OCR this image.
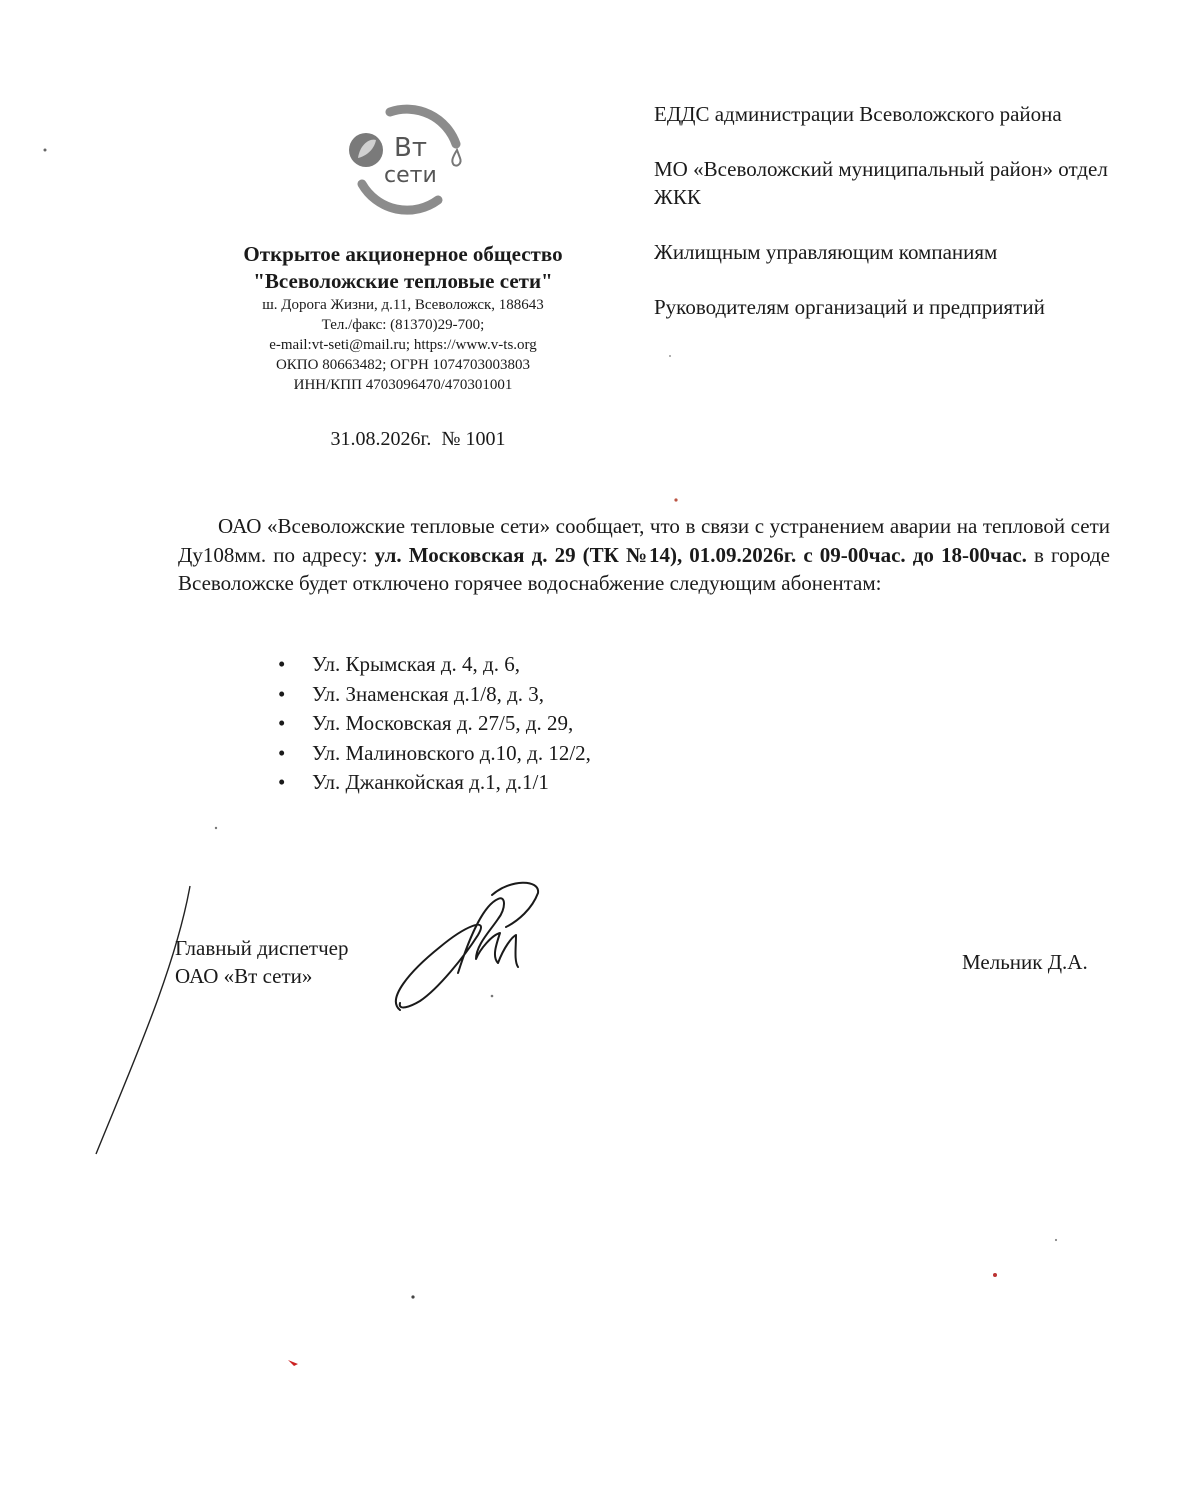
Вт
сети
Открытое акционерное общество
"Всеволожские тепловые сети"
ш. Дорога Жизни, д.11, Всеволожск, 188643
Тел./факс: (81370)29-700;
e-mail:vt-seti@mail.ru; https://www.v-ts.org
ОКПО 80663482; ОГРН 1074703003803
ИНН/КПП 4703096470/470301001
31.08.2026г. № 1001

ЕДДС администрации Всеволожского района

МО «Всеволожский муниципальный район» отдел ЖКК

Жилищным управляющим компаниям

Руководителям организаций и предприятий

ОАО «Всеволожские тепловые сети» сообщает, что в связи с устранением аварии на тепловой сети Ду108мм. по адресу: ул. Московская д. 29 (ТК №14), 01.09.2026г. с 09-00час. до 18-00час. в городе Всеволожске будет отключено горячее водоснабжение следующим абонентам:
• Ул. Крымская д. 4, д. 6,
• Ул. Знаменская д.1/8, д. 3,
• Ул. Московская д. 27/5, д. 29,
• Ул. Малиновского д.10, д. 12/2,
• Ул. Джанкойская д.1, д.1/1
Главный диспетчер
ОАО «Вт сети»
Мельник Д.А.
